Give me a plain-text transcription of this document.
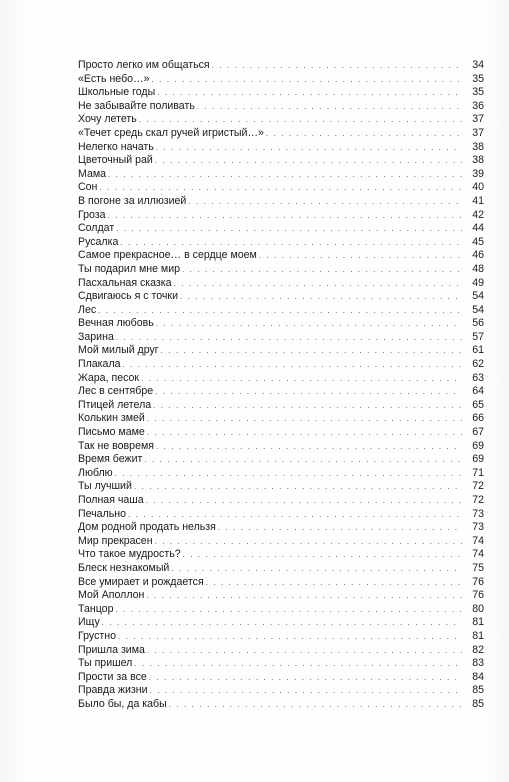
Просто легко им общаться . . .	34
«Есть небо…» . . .	35
Школьные годы . . .	35
Не забывайте поливать . . .	36
Хочу лететь . . .	37
«Течет средь скал ручей игристый…» . . .	37
Нелегко начать . . .	38
Цветочный рай . . .	38
Мама . . .	39
Сон . . .	40
В погоне за иллюзией . . .	41
Гроза . . .	42
Солдат . . .	44
Русалка . . .	45
Самое прекрасное… в сердце моем . . .	46
Ты подарил мне мир . . .	48
Пасхальная сказка . . .	49
Сдвигаюсь я с точки . . .	54
Лес . . .	54
Вечная любовь . . .	56
Зарина . . .	57
Мой милый друг . . .	61
Плакала . . .	62
Жара, песок . . .	63
Лес в сентябре . . .	64
Птицей летела . . .	65
Колькин змей . . .	66
Письмо маме . . .	67
Так не вовремя . . .	69
Время бежит . . .	69
Люблю . . .	71
Ты лучший . . .	72
Полная чаша . . .	72
Печально . . .	73
Дом родной продать нельзя . . .	73
Мир прекрасен . . .	74
Что такое мудрость? . . .	74
Блеск незнакомый . . .	75
Все умирает и рождается . . .	76
Мой Аполлон . . .	76
Танцор . . .	80
Ищу . . .	81
Грустно . . .	81
Пришла зима . . .	82
Ты пришел . . .	83
Прости за все . . .	84
Правда жизни . . .	85
Было бы, да кабы . . .	85
